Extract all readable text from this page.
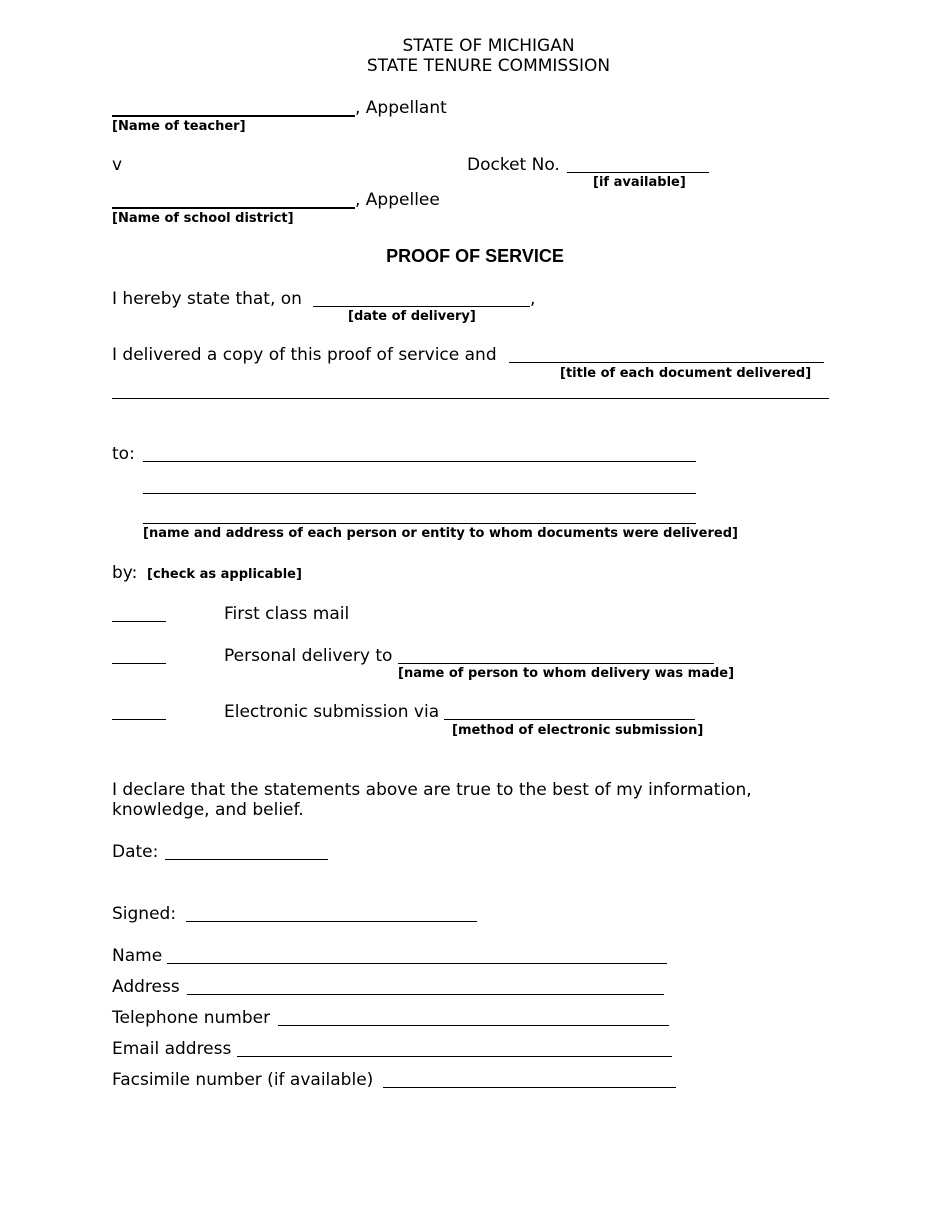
STATE OF MICHIGAN
STATE TENURE COMMISSION
, Appellant
[Name of teacher]
v	Docket No.
[if available]
, Appellee
[Name of school district]
PROOF OF SERVICE
I hereby state that, on	,
[date of delivery]
I delivered a copy of this proof of service and
[title of each document delivered]
to:
[name and address of each person or entity to whom documents were delivered]
by: [check as applicable]
First class mail
Personal delivery to
[name of person to whom delivery was made]
Electronic submission via
[method of electronic submission]
I declare that the statements above are true to the best of my information,
knowledge, and belief.
Date:
Signed:
Name
Address
Telephone number
Email address
Facsimile number (if available)
